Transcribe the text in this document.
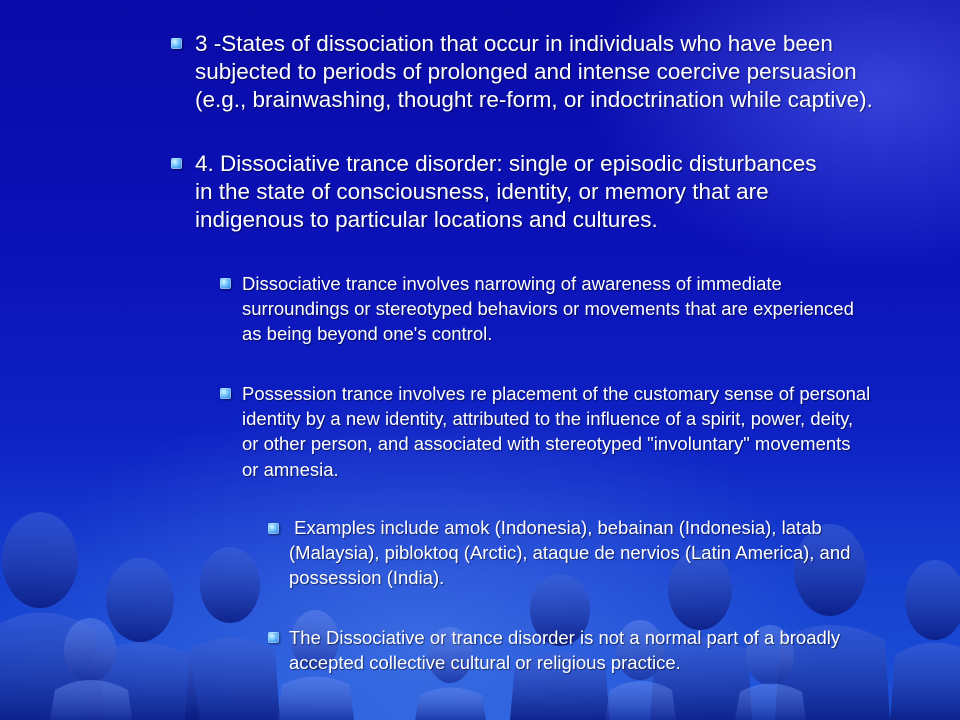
3 -States of dissociation that occur in individuals who have been subjected to periods of prolonged and intense coercive persuasion (e.g., brainwashing, thought re-form, or indoctrination while captive).
4. Dissociative trance disorder: single or episodic disturbances in the state of consciousness, identity, or memory that are indigenous to particular locations and cultures.
Dissociative trance involves narrowing of awareness of immediate surroundings or stereotyped behaviors or movements that are experienced as being beyond one's control.
Possession trance involves re placement of the customary sense of personal identity by a new identity, attributed to the influence of a spirit, power, deity, or other person, and associated with stereotyped "involuntary" movements or amnesia.
Examples include amok (Indonesia), bebainan (Indonesia), latab (Malaysia), pibloktoq (Arctic), ataque de nervios (Latin America), and possession (India).
The Dissociative or trance disorder is not a normal part of a broadly accepted collective cultural or religious practice.
